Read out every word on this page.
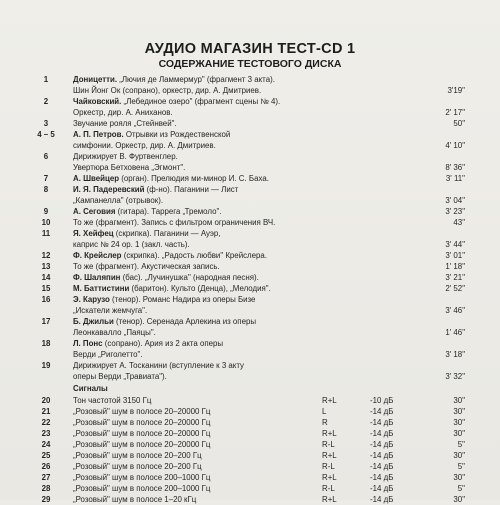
АУДИО МАГАЗИН ТЕСТ-CD 1
СОДЕРЖАНИЕ ТЕСТОВОГО ДИСКА
1	Доницетти. „Лючия де Ламмермур" (фрагмент 3 акта).
Шин Йонг Ок (сопрано), оркестр, дир. А. Дмитриев.	3'19"
2	Чайковский. „Лебединое озеро" (фрагмент сцены № 4).
Оркестр, дир. А. Аниханов.	2' 17"
3	Звучание рояля „Стейнвей".	50"
4 – 5	А. П. Петров. Отрывки из Рождественской
симфонии. Оркестр, дир. А. Дмитриев.	4' 10"
6	Дирижирует В. Фуртвенглер.
Увертюра Бетховена „Эгмонт".	8' 36"
7	А. Швейцер (орган). Прелюдия ми-минор И. С. Баха.	3' 11"
8	И. Я. Падеревский (ф-но). Паганини — Лист
„Кампанелла" (отрывок).	3' 04"
9	А. Сеговия (гитара). Таррега „Тремоло".	3' 23"
10	То же (фрагмент). Запись с фильтром ограничения ВЧ.	43"
11	Я. Хейфец (скрипка). Паганини — Ауэр,
каприс № 24 ор. 1 (закл. часть).	3' 44"
12	Ф. Крейслер (скрипка). „Радость любви" Крейслера.	3' 01"
13	То же (фрагмент). Акустическая запись.	1' 18"
14	Ф. Шаляпин (бас). „Лучинушка" (народная песня).	3' 21"
15	М. Баттистини (баритон). Культо (Денца), „Мелодия".	2' 52"
16	Э. Карузо (тенор). Романс Надира из оперы Бизе
„Искатели жемчуга".	3' 46"
17	Б. Джильи (тенор). Серенада Арлекина из оперы
Леонкавалло „Паяцы".	1' 46"
18	Л. Понс (сопрано). Ария из 2 акта оперы
Верди „Риголетто".	3' 18"
19	Дирижирует А. Тосканини (вступление к 3 акту
оперы Верди „Травиата").	3' 32"
Сигналы
20	Тон частотой 3150 Гц	R+L	-10 дБ	30"
21	„Розовый" шум в полосе 20–20000 Гц	L	-14 дБ	30"
22	„Розовый" шум в полосе 20–20000 Гц	R	-14 дБ	30"
23	„Розовый" шум в полосе 20–20000 Гц	R+L	-14 дБ	30"
24	„Розовый" шум в полосе 20–20000 Гц	R-L	-14 дБ	5"
25	„Розовый" шум в полосе 20–200 Гц	R+L	-14 дБ	30"
26	„Розовый" шум в полосе 20–200 Гц	R-L	-14 дБ	5"
27	„Розовый" шум в полосе 200–1000 Гц	R+L	-14 дБ	30"
28	„Розовый" шум в полосе 200–1000 Гц	R-L	-14 дБ	5"
29	„Розовый" шум в полосе 1–20 кГц	R+L	-14 дБ	30"
